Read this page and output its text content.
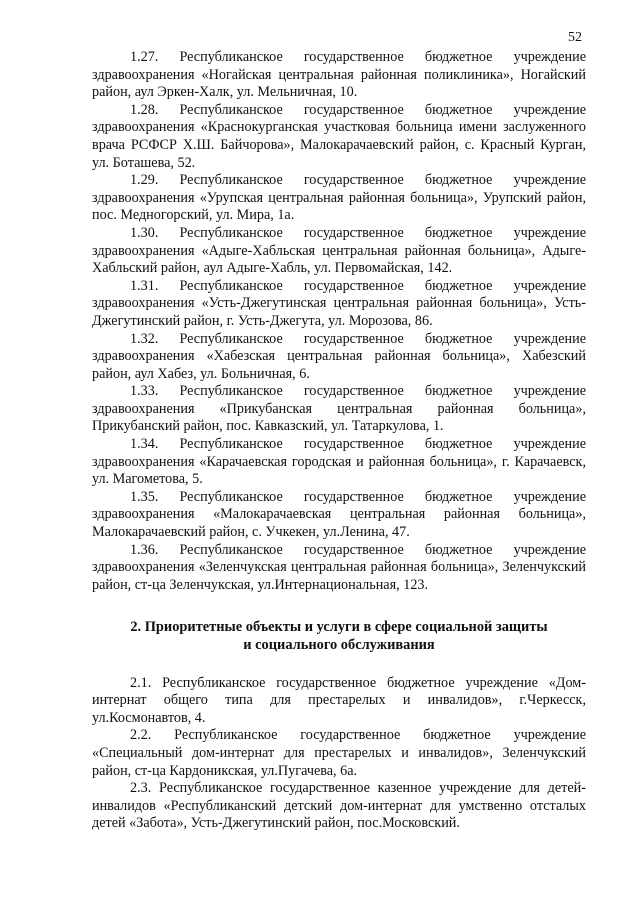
52

1.27. Республиканское государственное бюджетное учреждение здравоохранения «Ногайская центральная районная поликлиника», Ногайский район, аул Эркен-Халк, ул. Мельничная, 10.

1.28. Республиканское государственное бюджетное учреждение здравоохранения «Краснокурганская участковая больница имени заслуженного врача РСФСР Х.Ш. Байчорова», Малокарачаевский район, с. Красный Курган, ул. Боташева, 52.

1.29. Республиканское государственное бюджетное учреждение здравоохранения «Урупская центральная районная больница», Урупский район, пос. Медногорский, ул. Мира, 1а.

1.30. Республиканское государственное бюджетное учреждение здравоохранения «Адыге-Хабльская центральная районная больница», Адыге-Хабльский район, аул Адыге-Хабль, ул. Первомайская, 142.

1.31. Республиканское государственное бюджетное учреждение здравоохранения «Усть-Джегутинская центральная районная больница», Усть-Джегутинский район, г. Усть-Джегута, ул. Морозова, 86.

1.32. Республиканское государственное бюджетное учреждение здравоохранения «Хабезская центральная районная больница», Хабезский район, аул Хабез, ул. Больничная, 6.

1.33. Республиканское государственное бюджетное учреждение здравоохранения «Прикубанская центральная районная больница», Прикубанский район, пос. Кавказский, ул. Татаркулова, 1.

1.34. Республиканское государственное бюджетное учреждение здравоохранения «Карачаевская городская и районная больница», г. Карачаевск, ул. Магометова, 5.

1.35. Республиканское государственное бюджетное учреждение здравоохранения «Малокарачаевская центральная районная больница», Малокарачаевский район, с. Учкекен, ул.Ленина, 47.

1.36. Республиканское государственное бюджетное учреждение здравоохранения «Зеленчукская центральная районная больница», Зеленчукский район, ст-ца Зеленчукская, ул.Интернациональная, 123.

2. Приоритетные объекты и услуги в сфере социальной защиты
и социального обслуживания

2.1. Республиканское государственное бюджетное учреждение «Дом-интернат общего типа для престарелых и инвалидов», г.Черкесск, ул.Космонавтов, 4.

2.2. Республиканское государственное бюджетное учреждение «Специальный дом-интернат для престарелых и инвалидов», Зеленчукский район, ст-ца Кардоникская, ул.Пугачева, 6а.

2.3. Республиканское государственное казенное учреждение для детей-инвалидов «Республиканский детский дом-интернат для умственно отсталых детей «Забота», Усть-Джегутинский район, пос.Московский.
